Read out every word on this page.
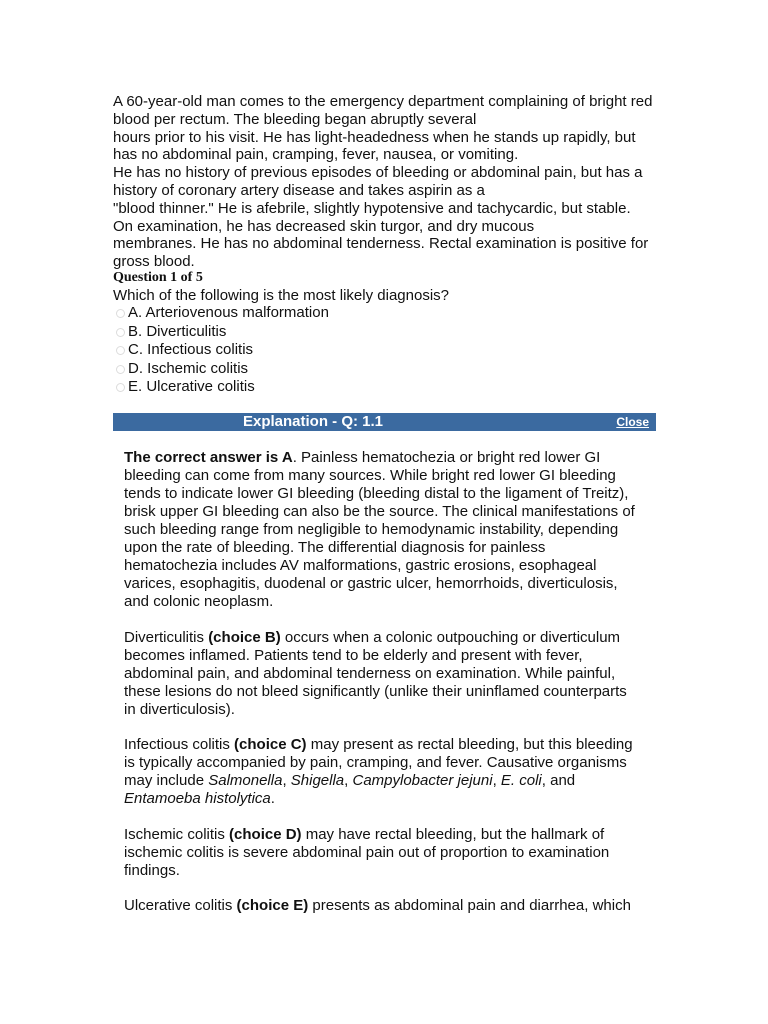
A 60-year-old man comes to the emergency department complaining of bright red
blood per rectum. The bleeding began abruptly several
hours prior to his visit. He has light-headedness when he stands up rapidly, but
has no abdominal pain, cramping, fever, nausea, or vomiting.
He has no history of previous episodes of bleeding or abdominal pain, but has a
history of coronary artery disease and takes aspirin as a
"blood thinner." He is afebrile, slightly hypotensive and tachycardic, but stable.
On examination, he has decreased skin turgor, and dry mucous
membranes. He has no abdominal tenderness. Rectal examination is positive for
gross blood.
Question 1 of 5
Which of the following is the most likely diagnosis?
A. Arteriovenous malformation
B. Diverticulitis
C. Infectious colitis
D. Ischemic colitis
E. Ulcerative colitis
Explanation - Q: 1.1	Close
The correct answer is A. Painless hematochezia or bright red lower GI
bleeding can come from many sources. While bright red lower GI bleeding
tends to indicate lower GI bleeding (bleeding distal to the ligament of Treitz),
brisk upper GI bleeding can also be the source. The clinical manifestations of
such bleeding range from negligible to hemodynamic instability, depending
upon the rate of bleeding. The differential diagnosis for painless
hematochezia includes AV malformations, gastric erosions, esophageal
varices, esophagitis, duodenal or gastric ulcer, hemorrhoids, diverticulosis,
and colonic neoplasm.
Diverticulitis (choice B) occurs when a colonic outpouching or diverticulum
becomes inflamed. Patients tend to be elderly and present with fever,
abdominal pain, and abdominal tenderness on examination. While painful,
these lesions do not bleed significantly (unlike their uninflamed counterparts
in diverticulosis).
Infectious colitis (choice C) may present as rectal bleeding, but this bleeding
is typically accompanied by pain, cramping, and fever. Causative organisms
may include Salmonella, Shigella, Campylobacter jejuni, E. coli, and
Entamoeba histolytica.
Ischemic colitis (choice D) may have rectal bleeding, but the hallmark of
ischemic colitis is severe abdominal pain out of proportion to examination
findings.
Ulcerative colitis (choice E) presents as abdominal pain and diarrhea, which
